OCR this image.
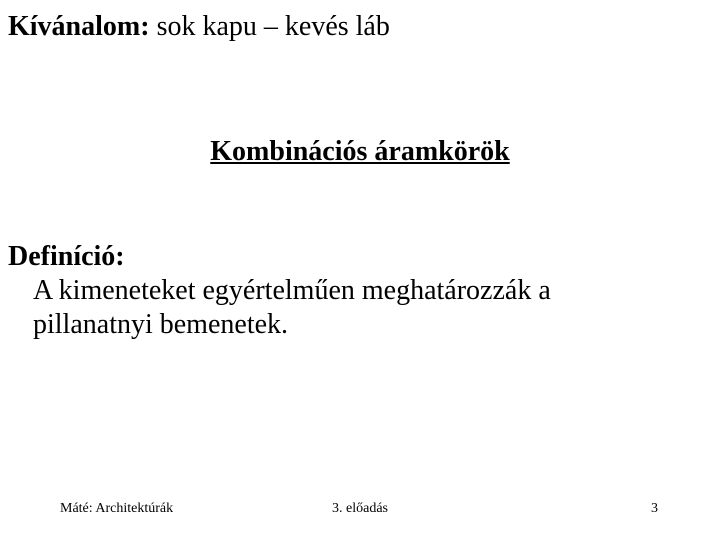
Kívánalom: sok kapu – kevés láb
Kombinációs áramkörök
Definíció:
A kimeneteket egyértelműen meghatározzák a pillanatnyi bemenetek.
Máté: Architektúrák	3. előadás	3
